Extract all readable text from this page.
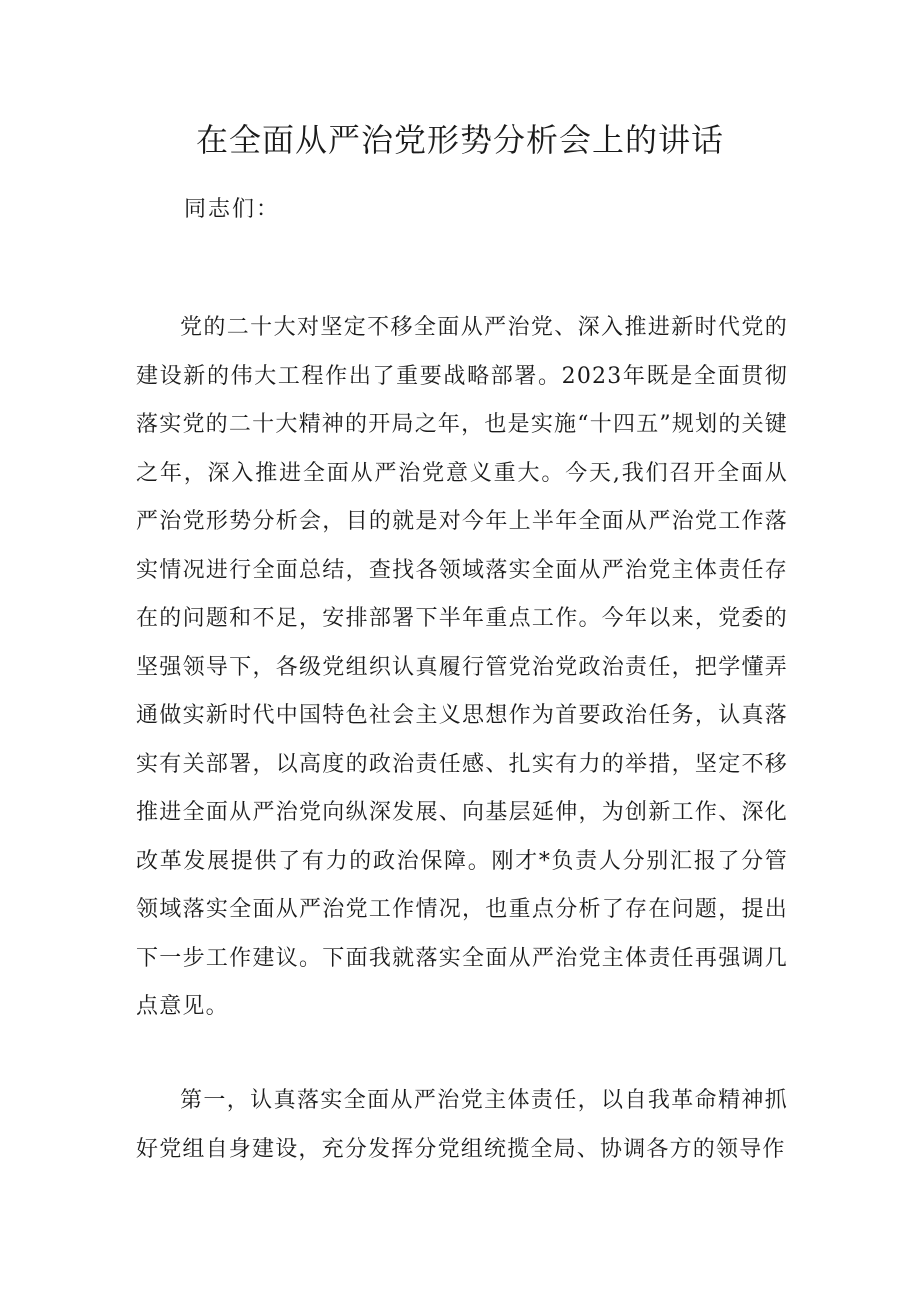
在全面从严治党形势分析会上的讲话

同志们：

党的二十大对坚定不移全面从严治党、深入推进新时代党的建设新的伟大工程作出了重要战略部署。2023年既是全面贯彻落实党的二十大精神的开局之年，也是实施“十四五”规划的关键之年，深入推进全面从严治党意义重大。今天,我们召开全面从严治党形势分析会，目的就是对今年上半年全面从严治党工作落实情况进行全面总结，查找各领域落实全面从严治党主体责任存在的问题和不足，安排部署下半年重点工作。今年以来，党委的坚强领导下，各级党组织认真履行管党治党政治责任，把学懂弄通做实新时代中国特色社会主义思想作为首要政治任务，认真落实有关部署，以高度的政治责任感、扎实有力的举措，坚定不移推进全面从严治党向纵深发展、向基层延伸，为创新工作、深化改革发展提供了有力的政治保障。刚才*负责人分别汇报了分管领域落实全面从严治党工作情况，也重点分析了存在问题，提出下一步工作建议。下面我就落实全面从严治党主体责任再强调几点意见。

第一，认真落实全面从严治党主体责任，以自我革命精神抓好党组自身建设，充分发挥分党组统揽全局、协调各方的领导作
